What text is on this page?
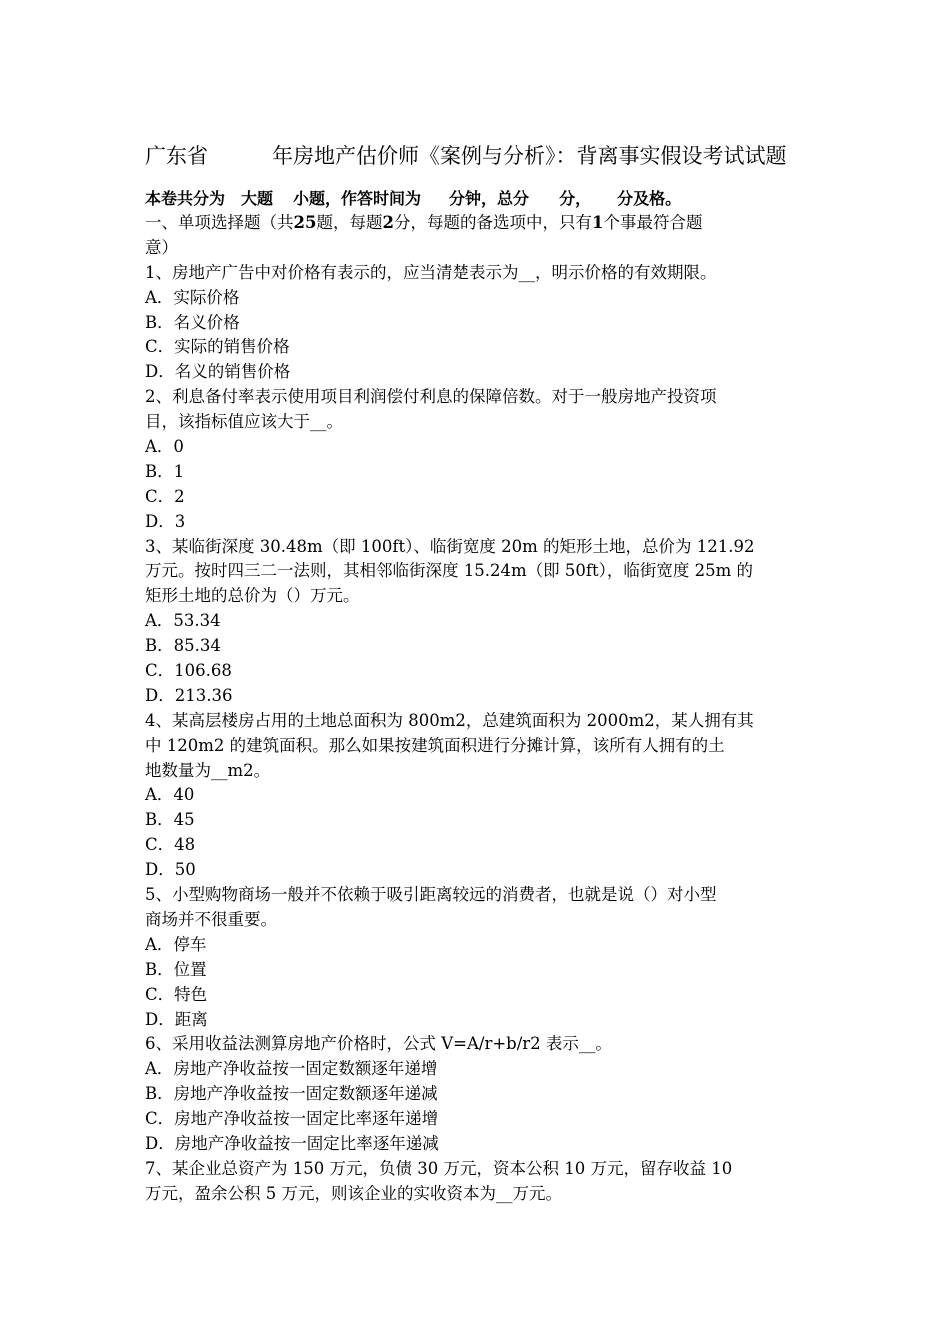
广东省	年房地产估价师《案例与分析》：背离事实假设考试试题
本卷共分为 大题 小题，作答时间为 分钟，总分 分， 分及格。
一、单项选择题（共25题，每题2分，每题的备选项中，只有1个事最符合题
意）
1、房地产广告中对价格有表示的，应当清楚表示为__，明示价格的有效期限。
A．实际价格
B．名义价格
C．实际的销售价格
D．名义的销售价格
2、利息备付率表示使用项目利润偿付利息的保障倍数。对于一般房地产投资项
目，该指标值应该大于__。
A．0
B．1
C．2
D．3
3、某临街深度 30.48m（即 100ft）、临街宽度 20m 的矩形土地，总价为 121.92
万元。按时四三二一法则，其相邻临街深度 15.24m（即 50ft），临街宽度 25m 的
矩形土地的总价为（）万元。
A．53.34
B．85.34
C．106.68
D．213.36
4、某高层楼房占用的土地总面积为 800m2，总建筑面积为 2000m2，某人拥有其
中 120m2 的建筑面积。那么如果按建筑面积进行分摊计算，该所有人拥有的土
地数量为__m2。
A．40
B．45
C．48
D．50
5、小型购物商场一般并不依赖于吸引距离较远的消费者，也就是说（）对小型
商场并不很重要。
A．停车
B．位置
C．特色
D．距离
6、采用收益法测算房地产价格时，公式 V=A/r+b/r2 表示__。
A．房地产净收益按一固定数额逐年递增
B．房地产净收益按一固定数额逐年递减
C．房地产净收益按一固定比率逐年递增
D．房地产净收益按一固定比率逐年递减
7、某企业总资产为 150 万元，负债 30 万元，资本公积 10 万元，留存收益 10
万元，盈余公积 5 万元，则该企业的实收资本为__万元。
